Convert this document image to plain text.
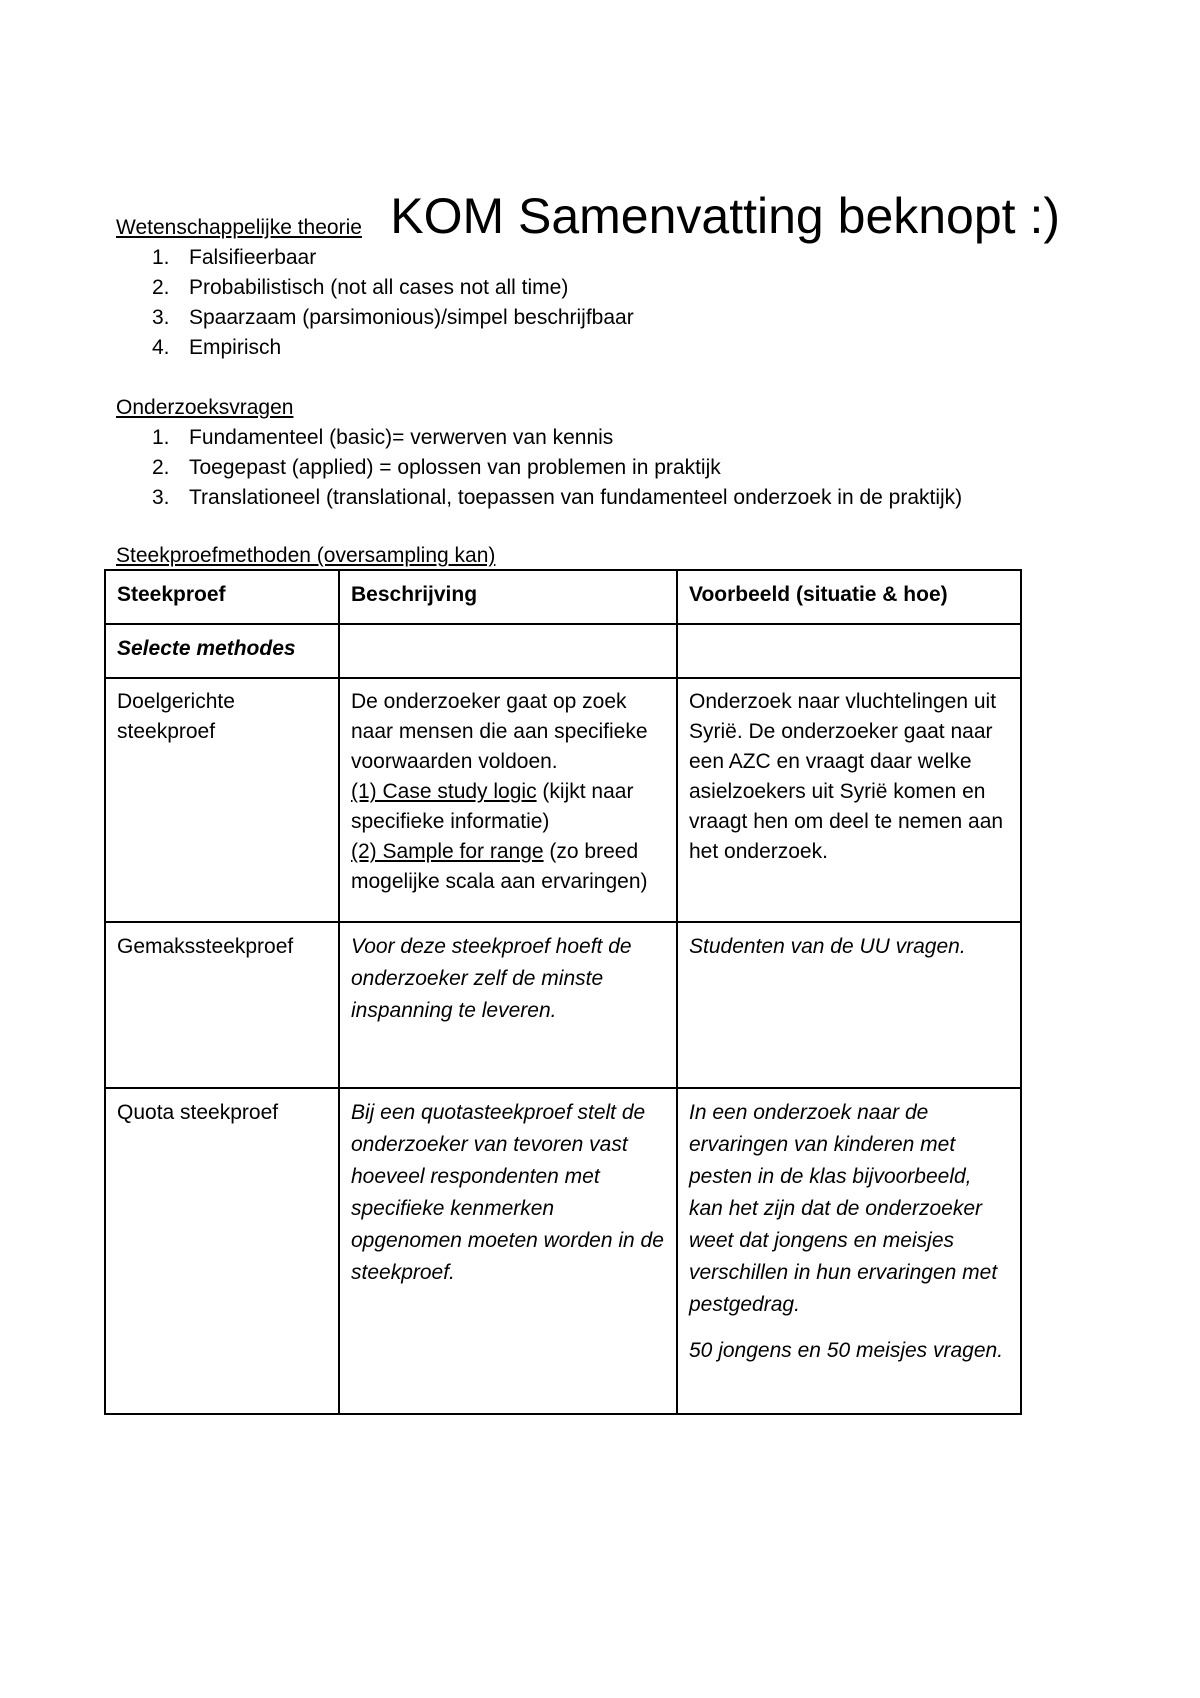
KOM Samenvatting beknopt :)
Wetenschappelijke theorie
1. Falsifieerbaar
2. Probabilistisch (not all cases not all time)
3. Spaarzaam (parsimonious)/simpel beschrijfbaar
4. Empirisch
Onderzoeksvragen
1. Fundamenteel (basic)= verwerven van kennis
2. Toegepast (applied) = oplossen van problemen in praktijk
3. Translationeel (translational, toepassen van fundamenteel onderzoek in de praktijk)
Steekproefmethoden (oversampling kan)
Steekproef	Beschrijving	Voorbeeld (situatie & hoe)
Selecte methodes		
Doelgerichte steekproef	De onderzoeker gaat op zoek naar mensen die aan specifieke voorwaarden voldoen.
(1) Case study logic (kijkt naar specifieke informatie)
(2) Sample for range (zo breed mogelijke scala aan ervaringen)	Onderzoek naar vluchtelingen uit Syrië. De onderzoeker gaat naar een AZC en vraagt daar welke asielzoekers uit Syrië komen en vraagt hen om deel te nemen aan het onderzoek.
Gemakssteekproef	Voor deze steekproef hoeft de onderzoeker zelf de minste inspanning te leveren.	Studenten van de UU vragen.
Quota steekproef	Bij een quotasteekproef stelt de onderzoeker van tevoren vast hoeveel respondenten met specifieke kenmerken opgenomen moeten worden in de steekproef.	In een onderzoek naar de ervaringen van kinderen met pesten in de klas bijvoorbeeld, kan het zijn dat de onderzoeker weet dat jongens en meisjes verschillen in hun ervaringen met pestgedrag.
50 jongens en 50 meisjes vragen.
